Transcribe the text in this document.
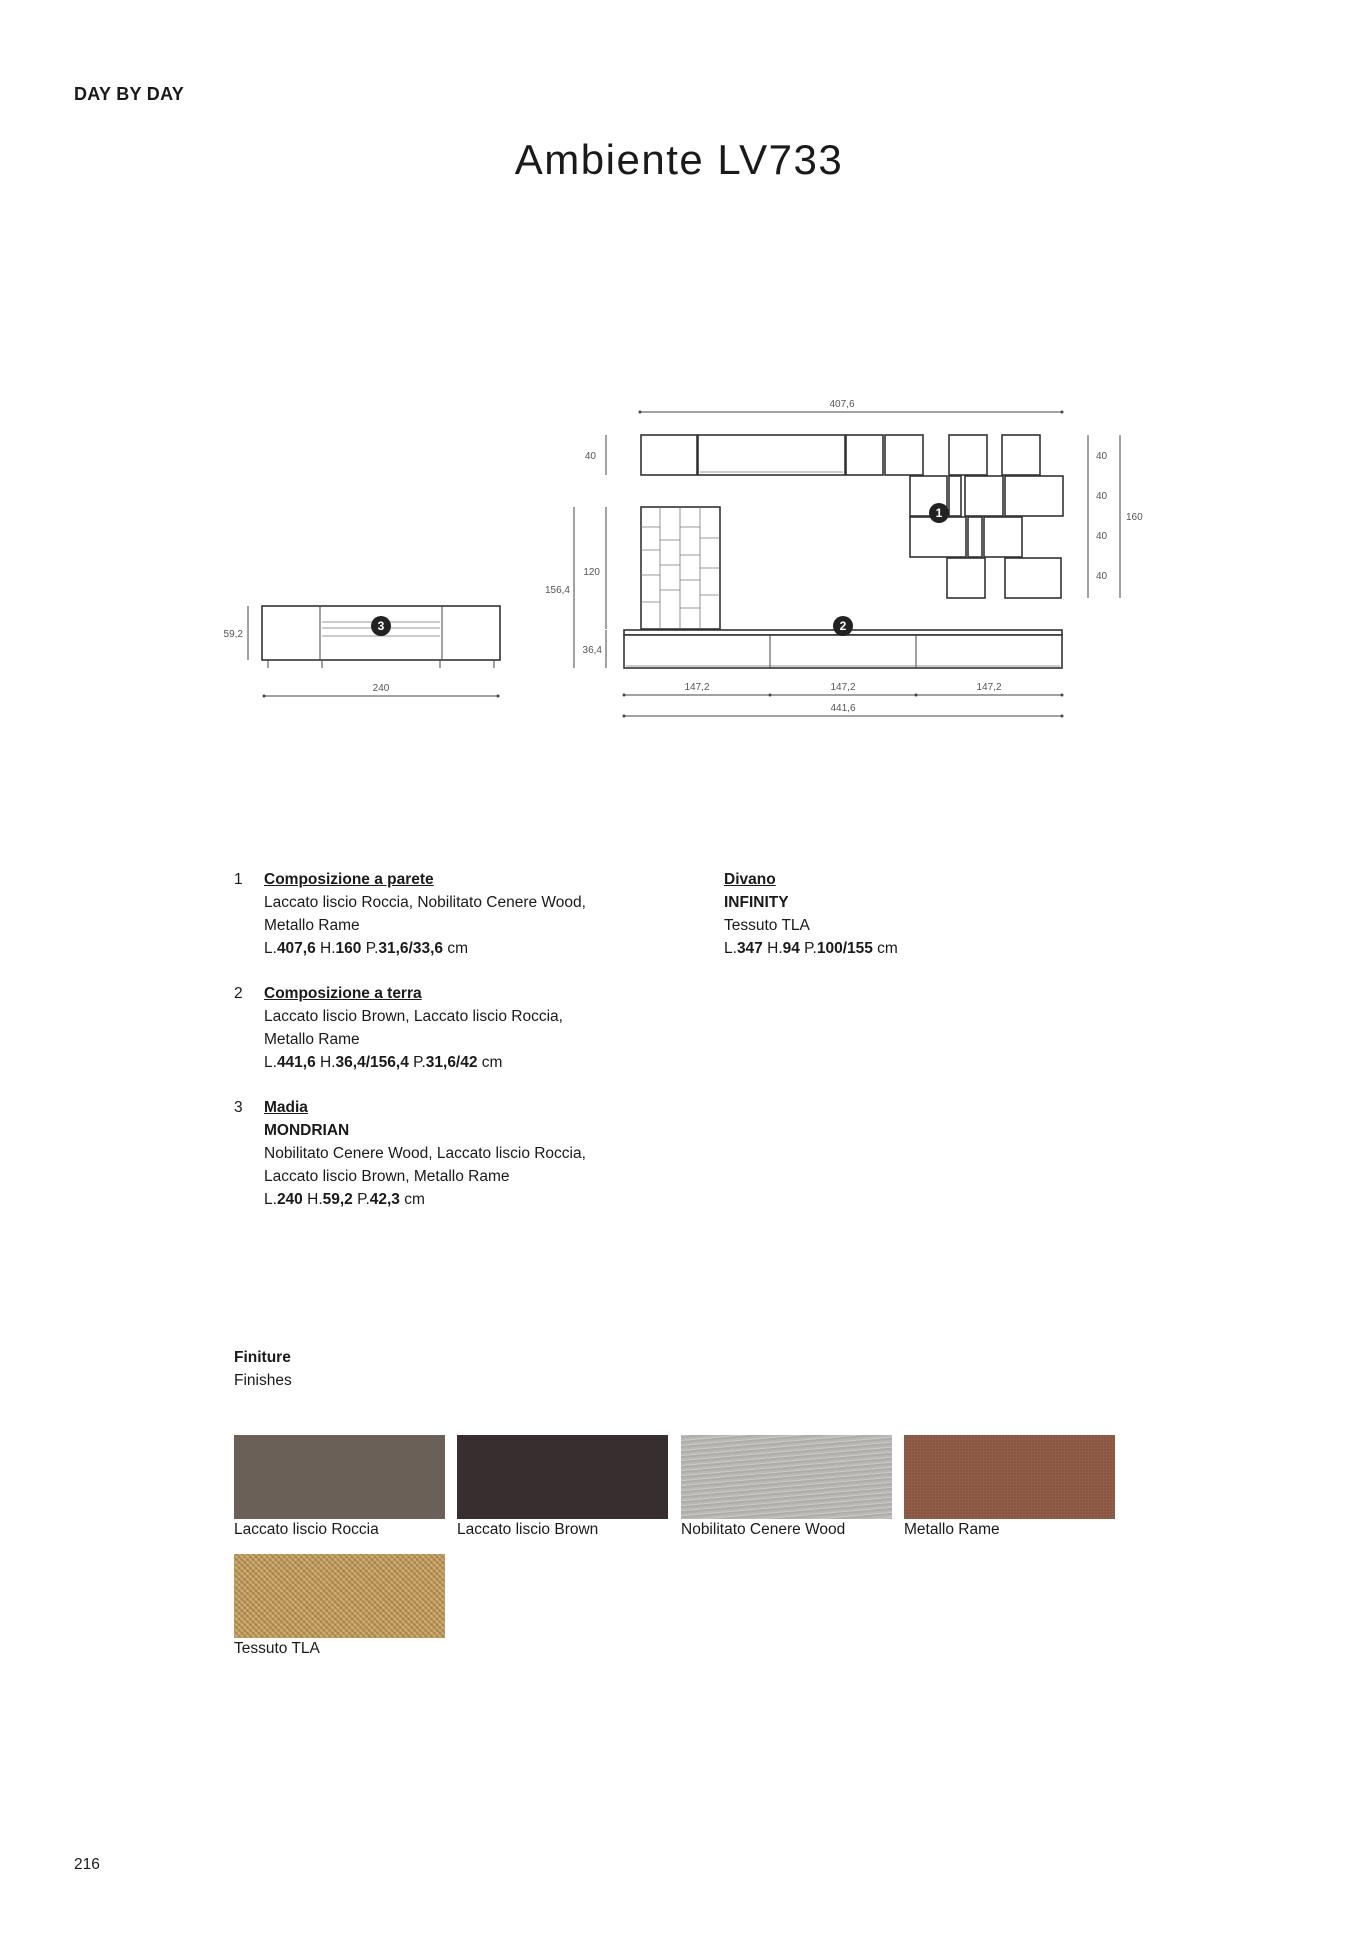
DAY BY DAY
Ambiente LV733
407,6
40
120
156,4
36,4
40
40
40
40
160
59,2
240	147,2	147,2	147,2
441,6
1
2
3
1 Composizione a parete
Laccato liscio Roccia, Nobilitato Cenere Wood,
Metallo Rame
L.407,6 H.160 P.31,6/33,6 cm
2 Composizione a terra
Laccato liscio Brown, Laccato liscio Roccia,
Metallo Rame
L.441,6 H.36,4/156,4 P.31,6/42 cm
3 Madia
MONDRIAN
Nobilitato Cenere Wood, Laccato liscio Roccia,
Laccato liscio Brown, Metallo Rame
L.240 H.59,2 P.42,3 cm
Divano
INFINITY
Tessuto TLA
L.347 H.94 P.100/155 cm
Finiture
Finishes
Laccato liscio Roccia	Laccato liscio Brown	Nobilitato Cenere Wood	Metallo Rame
Tessuto TLA
216
